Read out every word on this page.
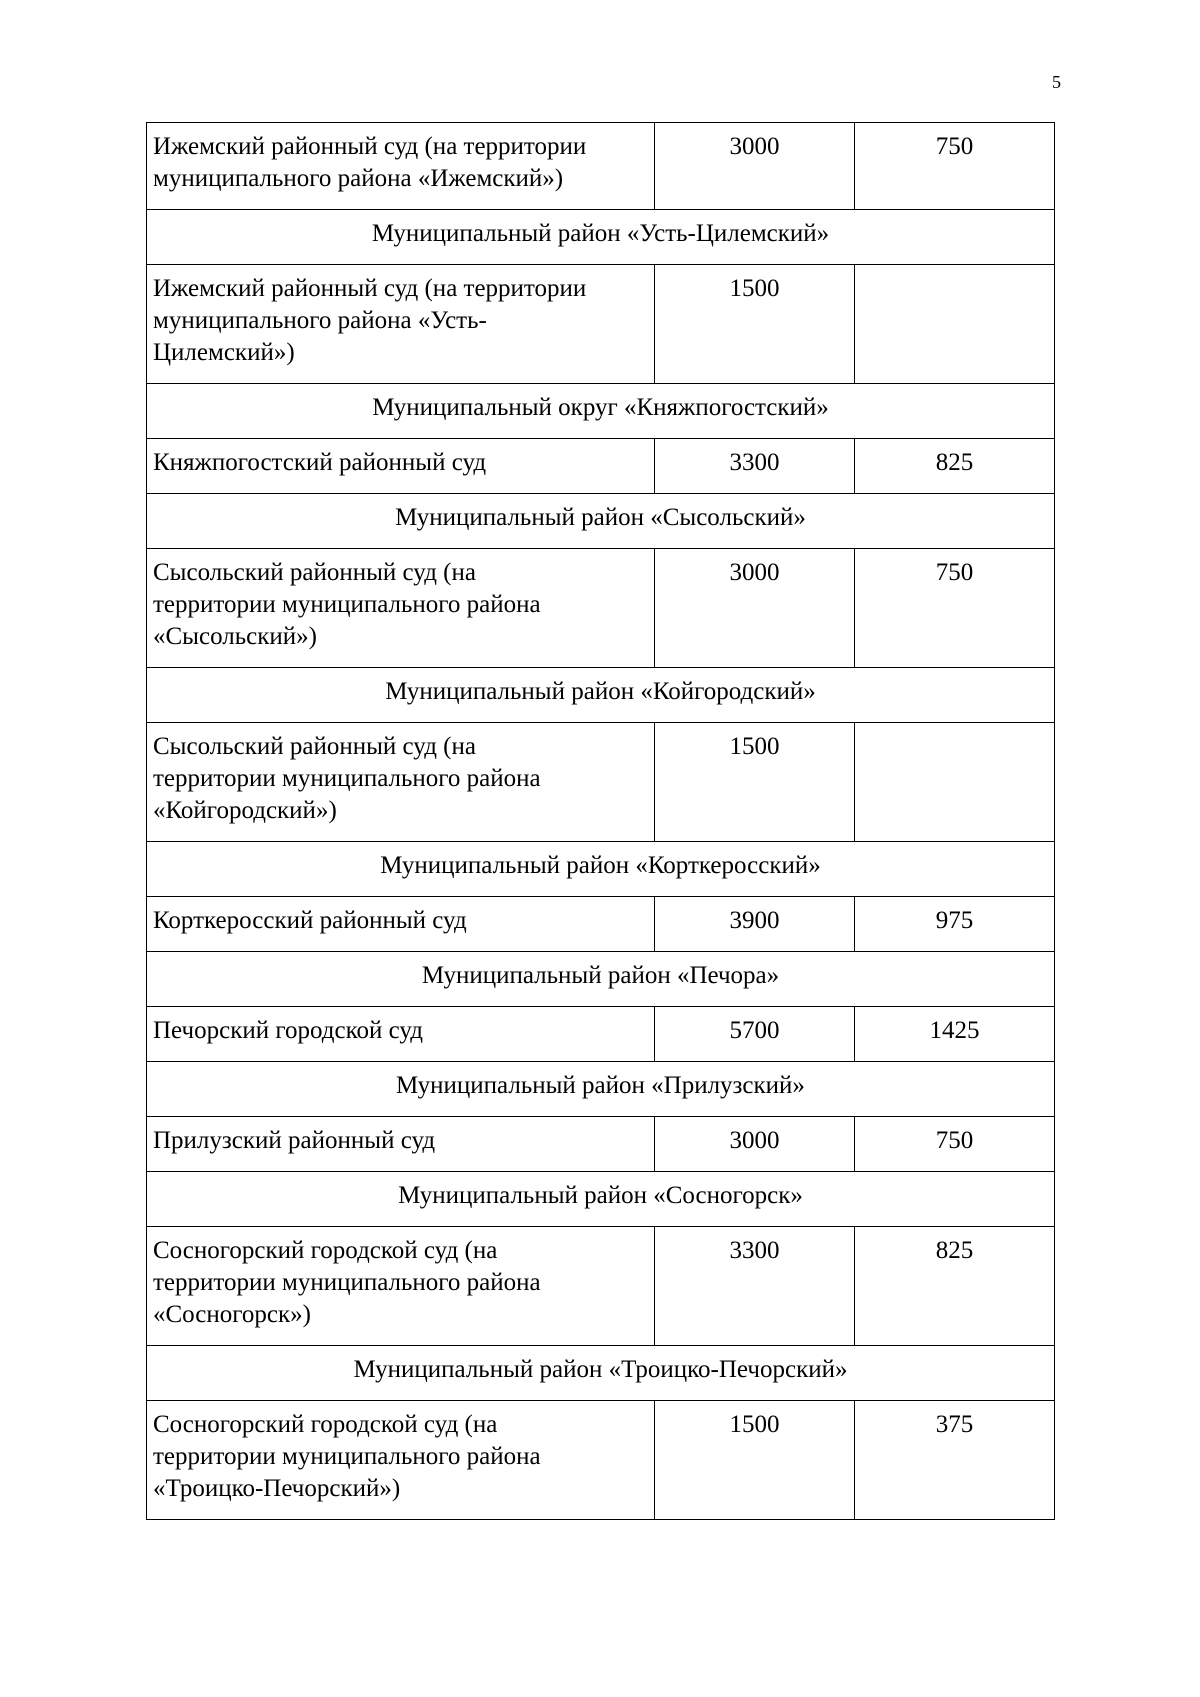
5
Ижемский районный суд (на территории муниципального района «Ижемский»)	3000	750
Муниципальный район «Усть-Цилемский»		
Ижемский районный суд (на территории
муниципального района «Усть-
Цилемский»)	1500	
Муниципальный округ «Княжпогостский»		
Княжпогостский районный суд	3300	825
Муниципальный район «Сысольский»		
Сысольский районный суд (на
территории муниципального района
«Сысольский»)	3000	750
Муниципальный район «Койгородский»		
Сысольский районный суд (на
территории муниципального района
«Койгородский»)	1500	
Муниципальный район «Корткеросский»		
Корткеросский районный суд	3900	975
Муниципальный район «Печора»		
Печорский городской суд	5700	1425
Муниципальный район «Прилузский»		
Прилузский районный суд	3000	750
Муниципальный район «Сосногорск»		
Сосногорский городской суд (на
территории муниципального района
«Сосногорск»)	3300	825
Муниципальный район «Троицко-Печорский»		
Сосногорский городской суд (на
территории муниципального района
«Троицко-Печорский»)	1500	375
